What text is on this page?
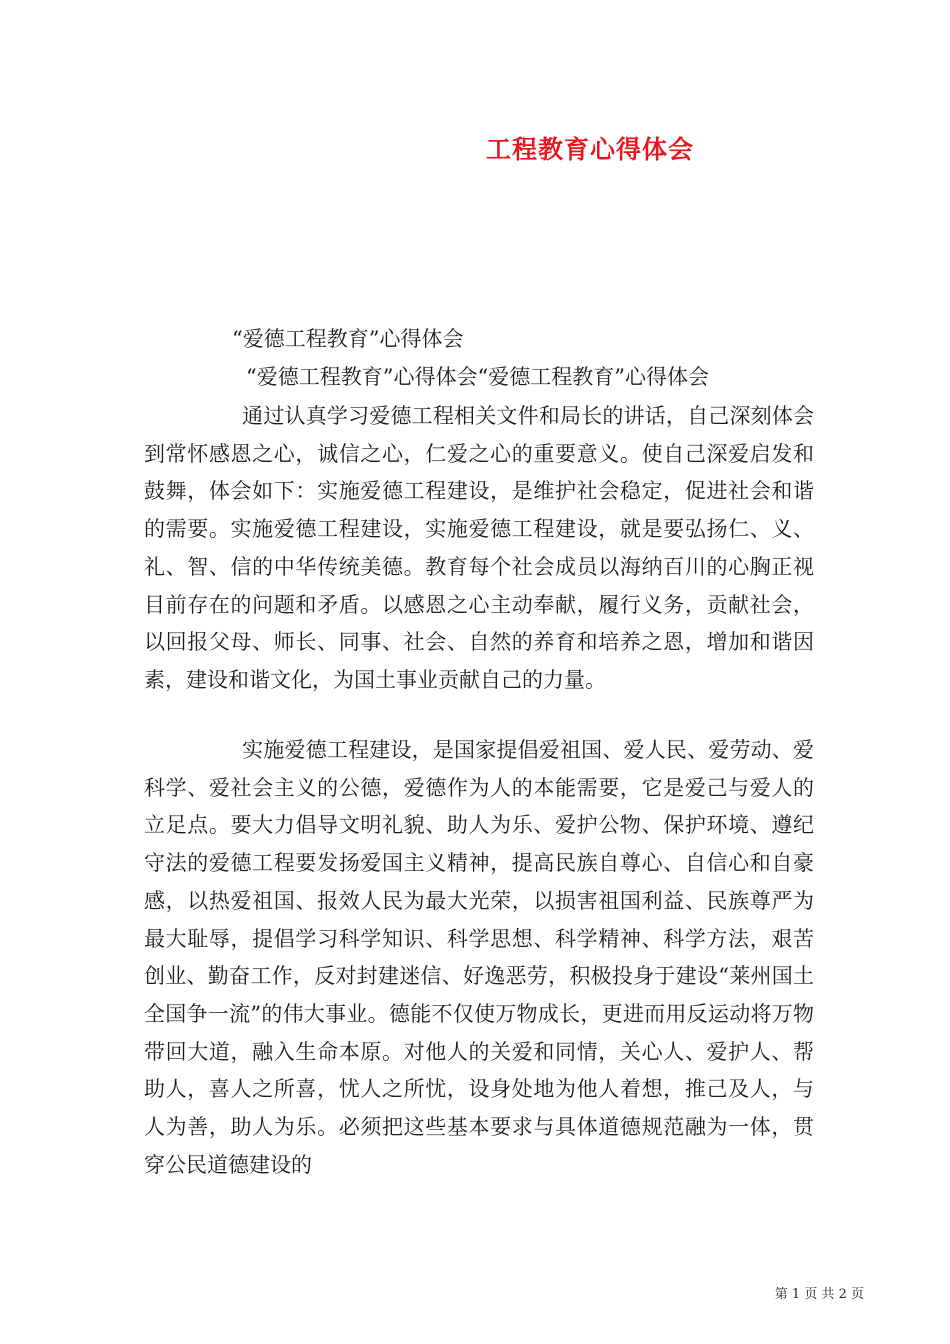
工程教育心得体会
“爱德工程教育”心得体会
“爱德工程教育”心得体会“爱德工程教育”心得体会

通过认真学习爱德工程相关文件和局长的讲话，自己深刻体会到常怀感恩之心，诚信之心，仁爱之心的重要意义。使自己深爱启发和鼓舞，体会如下：实施爱德工程建设，是维护社会稳定，促进社会和谐的需要。实施爱德工程建设，实施爱德工程建设，就是要弘扬仁、义、礼、智、信的中华传统美德。教育每个社会成员以海纳百川的心胸正视目前存在的问题和矛盾。以感恩之心主动奉献，履行义务，贡献社会，以回报父母、师长、同事、社会、自然的养育和培养之恩，增加和谐因素，建设和谐文化，为国土事业贡献自己的力量。

实施爱德工程建设，是国家提倡爱祖国、爱人民、爱劳动、爱科学、爱社会主义的公德，爱德作为人的本能需要，它是爱己与爱人的立足点。要大力倡导文明礼貌、助人为乐、爱护公物、保护环境、遵纪守法的爱德工程要发扬爱国主义精神，提高民族自尊心、自信心和自豪感，以热爱祖国、报效人民为最大光荣，以损害祖国利益、民族尊严为最大耻辱，提倡学习科学知识、科学思想、科学精神、科学方法，艰苦创业、勤奋工作，反对封建迷信、好逸恶劳，积极投身于建设“莱州国土全国争一流”的伟大事业。德能不仅使万物成长，更进而用反运动将万物带回大道，融入生命本原。对他人的关爱和同情，关心人、爱护人、帮助人，喜人之所喜，忧人之所忧，设身处地为他人着想，推己及人，与人为善，助人为乐。必须把这些基本要求与具体道德规范融为一体，贯穿公民道德建设的

第 1 页 共 2 页
